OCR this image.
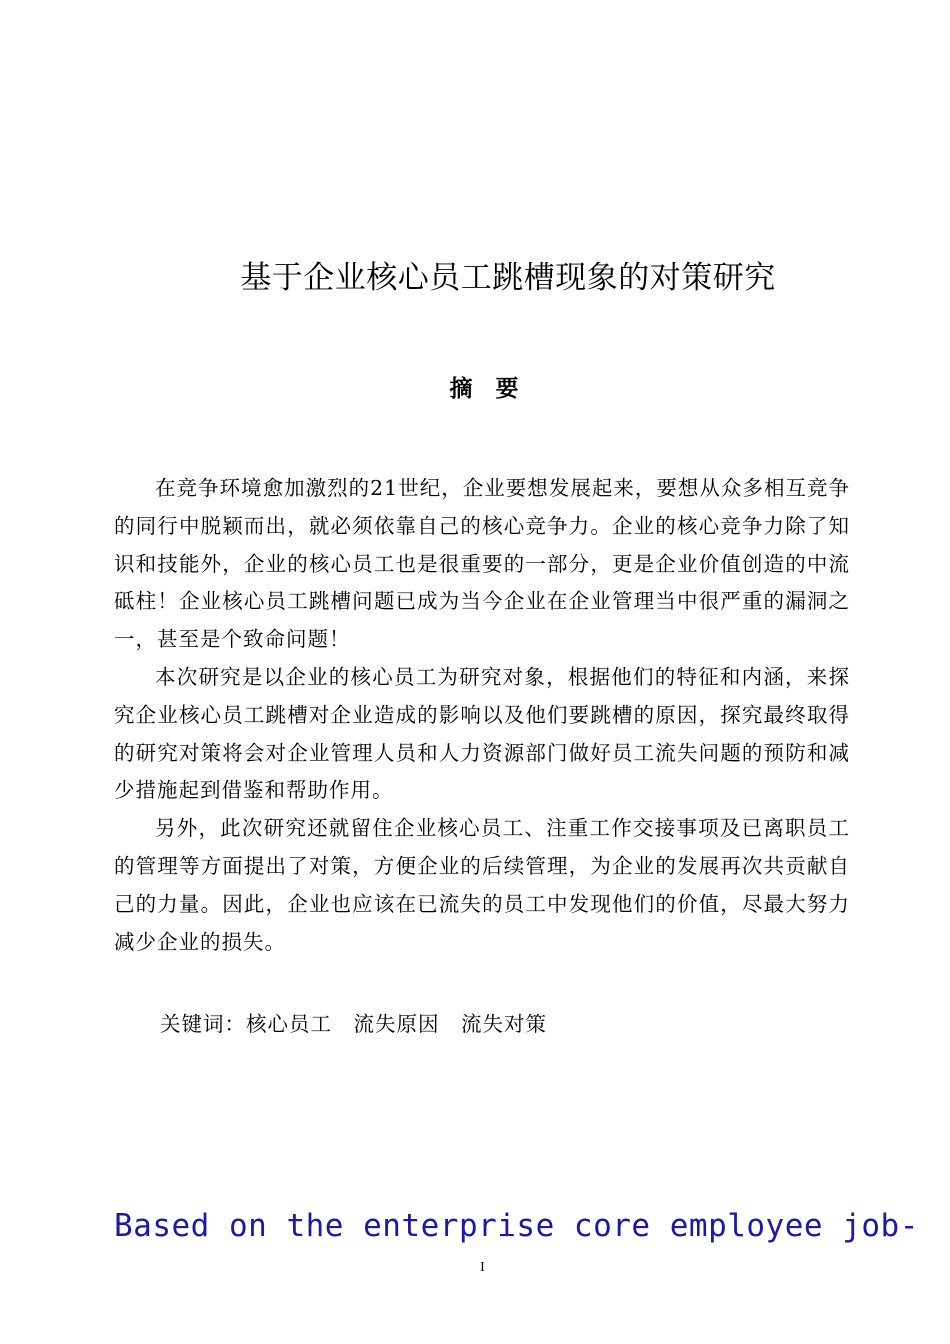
基于企业核心员工跳槽现象的对策研究
摘　要

在竞争环境愈加激烈的21世纪，企业要想发展起来，要想从众多相互竞争的同行中脱颖而出，就必须依靠自己的核心竞争力。企业的核心竞争力除了知识和技能外，企业的核心员工也是很重要的一部分，更是企业价值创造的中流砥柱！企业核心员工跳槽问题已成为当今企业在企业管理当中很严重的漏洞之一，甚至是个致命问题！

本次研究是以企业的核心员工为研究对象，根据他们的特征和内涵，来探究企业核心员工跳槽对企业造成的影响以及他们要跳槽的原因，探究最终取得的研究对策将会对企业管理人员和人力资源部门做好员工流失问题的预防和减少措施起到借鉴和帮助作用。

另外，此次研究还就留住企业核心员工、注重工作交接事项及已离职员工的管理等方面提出了对策，方便企业的后续管理，为企业的发展再次共贡献自己的力量。因此，企业也应该在已流失的员工中发现他们的价值，尽最大努力减少企业的损失。

关键词：核心员工　流失原因　流失对策

Based on the enterprise core employee job-
I
